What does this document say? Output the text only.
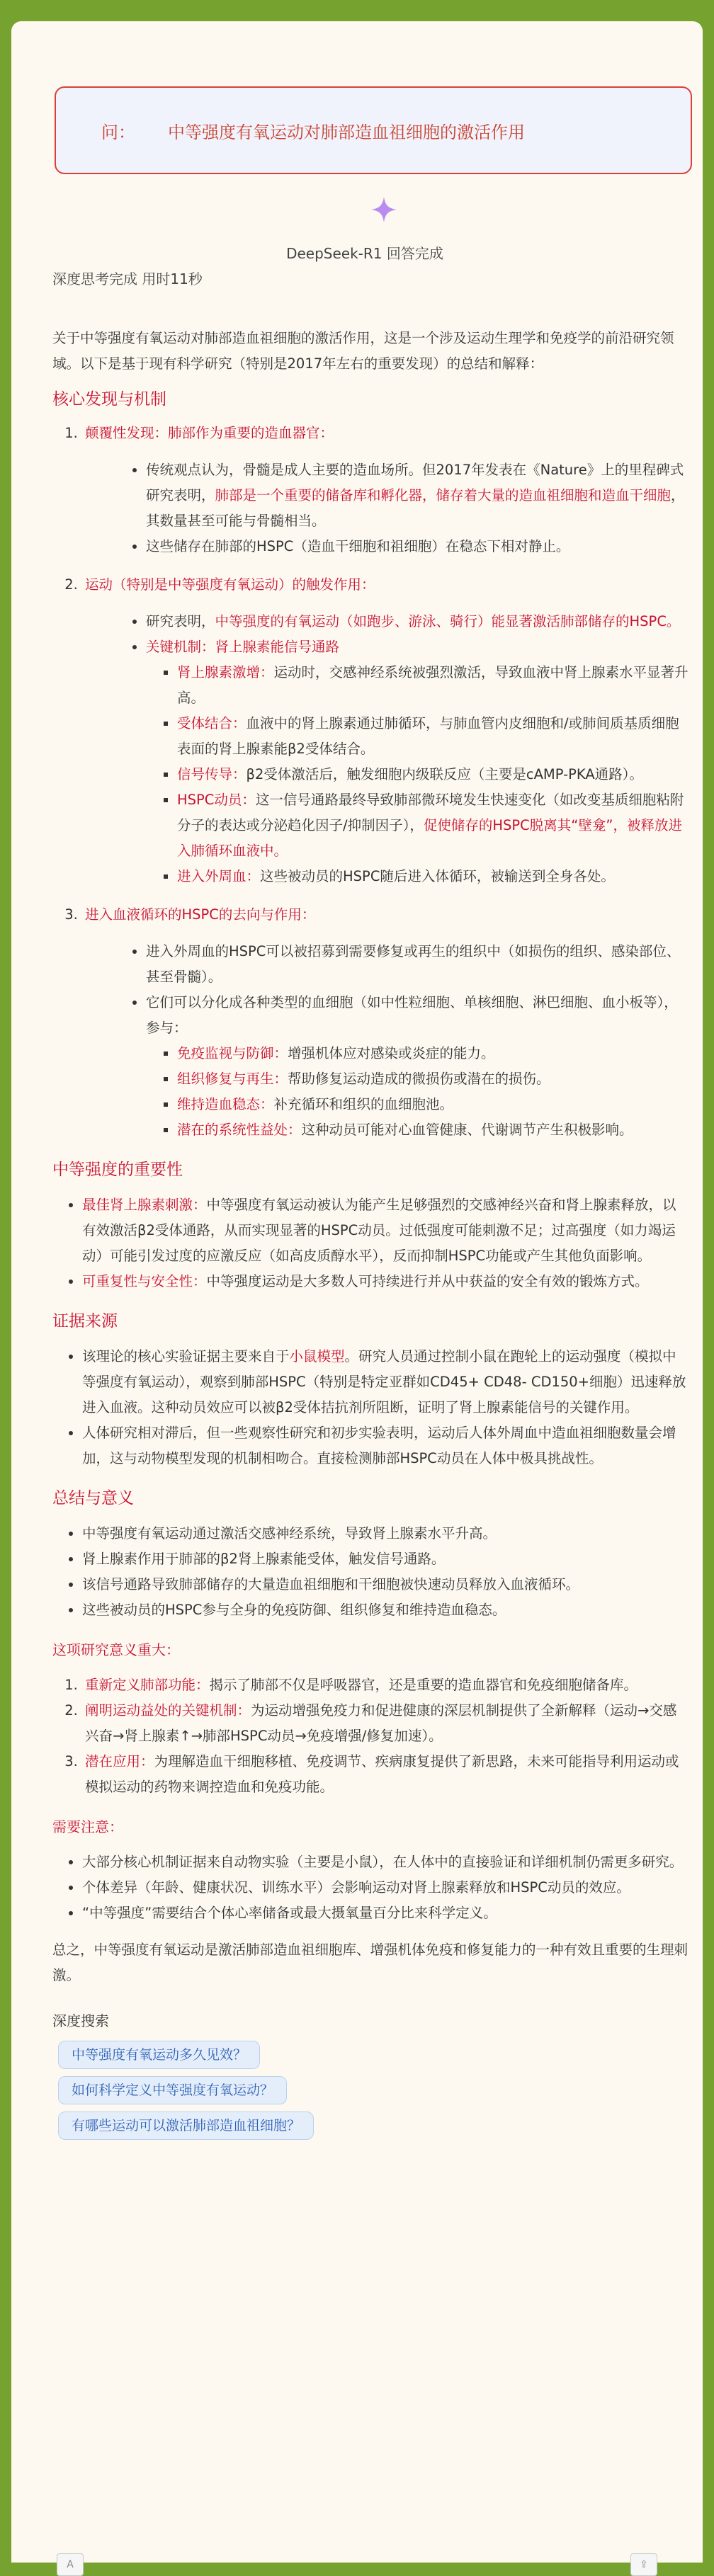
问： 中等强度有氧运动对肺部造血祖细胞的激活作用
DeepSeek-R1 回答完成
深度思考完成 用时11秒

关于中等强度有氧运动对肺部造血祖细胞的激活作用，这是一个涉及运动生理学和免疫学的前沿研究领域。以下是基于现有科学研究（特别是2017年左右的重要发现）的总结和解释：

核心发现与机制
1. 颠覆性发现：肺部作为重要的造血器官：
• 传统观点认为，骨髓是成人主要的造血场所。但2017年发表在《Nature》上的里程碑式研究表明，肺部是一个重要的储备库和孵化器，储存着大量的造血祖细胞和造血干细胞，其数量甚至可能与骨髓相当。
• 这些储存在肺部的HSPC（造血干细胞和祖细胞）在稳态下相对静止。
2. 运动（特别是中等强度有氧运动）的触发作用：
• 研究表明，中等强度的有氧运动（如跑步、游泳、骑行）能显著激活肺部储存的HSPC。
• 关键机制：肾上腺素能信号通路
▪ 肾上腺素激增：运动时，交感神经系统被强烈激活，导致血液中肾上腺素水平显著升高。
▪ 受体结合：血液中的肾上腺素通过肺循环，与肺血管内皮细胞和/或肺间质基质细胞表面的肾上腺素能β2受体结合。
▪ 信号传导：β2受体激活后，触发细胞内级联反应（主要是cAMP-PKA通路）。
▪ HSPC动员：这一信号通路最终导致肺部微环境发生快速变化（如改变基质细胞粘附分子的表达或分泌趋化因子/抑制因子），促使储存的HSPC脱离其“壁龛”，被释放进入肺循环血液中。
▪ 进入外周血：这些被动员的HSPC随后进入体循环，被输送到全身各处。
3. 进入血液循环的HSPC的去向与作用：
• 进入外周血的HSPC可以被招募到需要修复或再生的组织中（如损伤的组织、感染部位、甚至骨髓）。
• 它们可以分化成各种类型的血细胞（如中性粒细胞、单核细胞、淋巴细胞、血小板等），参与：
▪ 免疫监视与防御：增强机体应对感染或炎症的能力。
▪ 组织修复与再生：帮助修复运动造成的微损伤或潜在的损伤。
▪ 维持造血稳态：补充循环和组织的血细胞池。
▪ 潜在的系统性益处：这种动员可能对心血管健康、代谢调节产生积极影响。
中等强度的重要性
• 最佳肾上腺素刺激：中等强度有氧运动被认为能产生足够强烈的交感神经兴奋和肾上腺素释放，以有效激活β2受体通路，从而实现显著的HSPC动员。过低强度可能刺激不足；过高强度（如力竭运动）可能引发过度的应激反应（如高皮质醇水平），反而抑制HSPC功能或产生其他负面影响。
• 可重复性与安全性：中等强度运动是大多数人可持续进行并从中获益的安全有效的锻炼方式。
证据来源
• 该理论的核心实验证据主要来自于小鼠模型。研究人员通过控制小鼠在跑轮上的运动强度（模拟中等强度有氧运动），观察到肺部HSPC（特别是特定亚群如CD45+ CD48- CD150+细胞）迅速释放进入血液。这种动员效应可以被β2受体拮抗剂所阻断，证明了肾上腺素能信号的关键作用。
• 人体研究相对滞后，但一些观察性研究和初步实验表明，运动后人体外周血中造血祖细胞数量会增加，这与动物模型发现的机制相吻合。直接检测肺部HSPC动员在人体中极具挑战性。
总结与意义
• 中等强度有氧运动通过激活交感神经系统，导致肾上腺素水平升高。
• 肾上腺素作用于肺部的β2肾上腺素能受体，触发信号通路。
• 该信号通路导致肺部储存的大量造血祖细胞和干细胞被快速动员释放入血液循环。
• 这些被动员的HSPC参与全身的免疫防御、组织修复和维持造血稳态。
这项研究意义重大：
1. 重新定义肺部功能：揭示了肺部不仅是呼吸器官，还是重要的造血器官和免疫细胞储备库。
2. 阐明运动益处的关键机制：为运动增强免疫力和促进健康的深层机制提供了全新解释（运动→交感兴奋→肾上腺素↑→肺部HSPC动员→免疫增强/修复加速）。
3. 潜在应用：为理解造血干细胞移植、免疫调节、疾病康复提供了新思路，未来可能指导利用运动或模拟运动的药物来调控造血和免疫功能。
需要注意：
• 大部分核心机制证据来自动物实验（主要是小鼠），在人体中的直接验证和详细机制仍需更多研究。
• 个体差异（年龄、健康状况、训练水平）会影响运动对肾上腺素释放和HSPC动员的效应。
• “中等强度”需要结合个体心率储备或最大摄氧量百分比来科学定义。

总之，中等强度有氧运动是激活肺部造血祖细胞库、增强机体免疫和修复能力的一种有效且重要的生理刺激。

深度搜索
中等强度有氧运动多久见效？
如何科学定义中等强度有氧运动？
有哪些运动可以激活肺部造血祖细胞？
A	⇪
